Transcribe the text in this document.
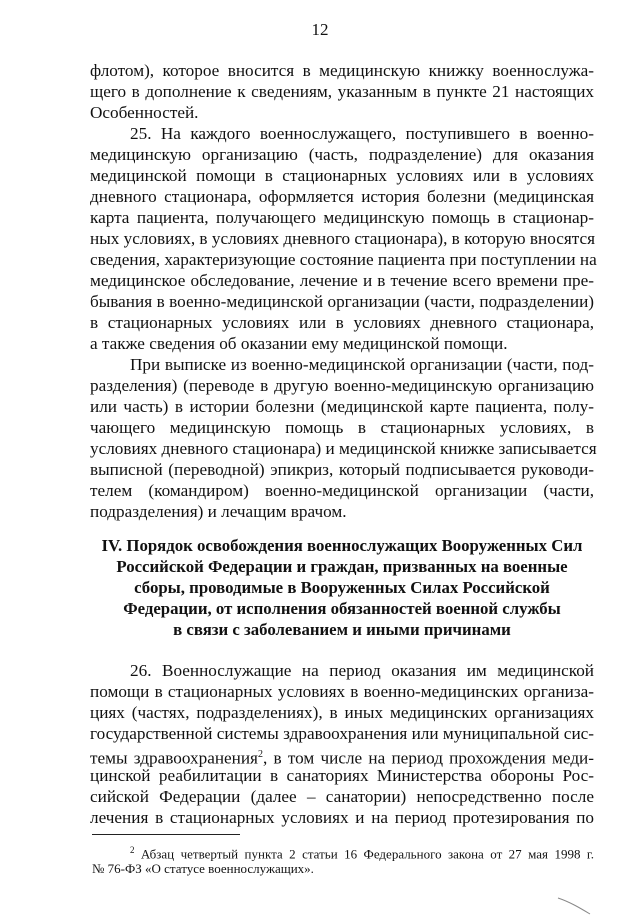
12
флотом), которое вносится в медицинскую книжку военнослужа-
щего в дополнение к сведениям, указанным в пункте 21 настоящих
Особенностей.
25. На каждого военнослужащего, поступившего в военно-
медицинскую организацию (часть, подразделение) для оказания
медицинской помощи в стационарных условиях или в условиях
дневного стационара, оформляется история болезни (медицинская
карта пациента, получающего медицинскую помощь в стационар-
ных условиях, в условиях дневного стационара), в которую вносятся
сведения, характеризующие состояние пациента при поступлении на
медицинское обследование, лечение и в течение всего времени пре-
бывания в военно-медицинской организации (части, подразделении)
в стационарных условиях или в условиях дневного стационара,
а также сведения об оказании ему медицинской помощи.
При выписке из военно-медицинской организации (части, под-
разделения) (переводе в другую военно-медицинскую организацию
или часть) в истории болезни (медицинской карте пациента, полу-
чающего медицинскую помощь в стационарных условиях, в
условиях дневного стационара) и медицинской книжке записывается
выписной (переводной) эпикриз, который подписывается руководи-
телем (командиром) военно-медицинской организации (части,
подразделения) и лечащим врачом.
IV. Порядок освобождения военнослужащих Вооруженных Сил
Российской Федерации и граждан, призванных на военные
сборы, проводимые в Вооруженных Силах Российской
Федерации, от исполнения обязанностей военной службы
в связи с заболеванием и иными причинами
26. Военнослужащие на период оказания им медицинской
помощи в стационарных условиях в военно-медицинских организа-
циях (частях, подразделениях), в иных медицинских организациях
государственной системы здравоохранения или муниципальной сис-
темы здравоохранения$^2$, в том числе на период прохождения меди-
цинской реабилитации в санаториях Министерства обороны Рос-
сийской Федерации (далее – санатории) непосредственно после
лечения в стационарных условиях и на период протезирования по
$^2$ Абзац четвертый пункта 2 статьи 16 Федерального закона от 27 мая 1998 г.
№ 76-ФЗ «О статусе военнослужащих».
